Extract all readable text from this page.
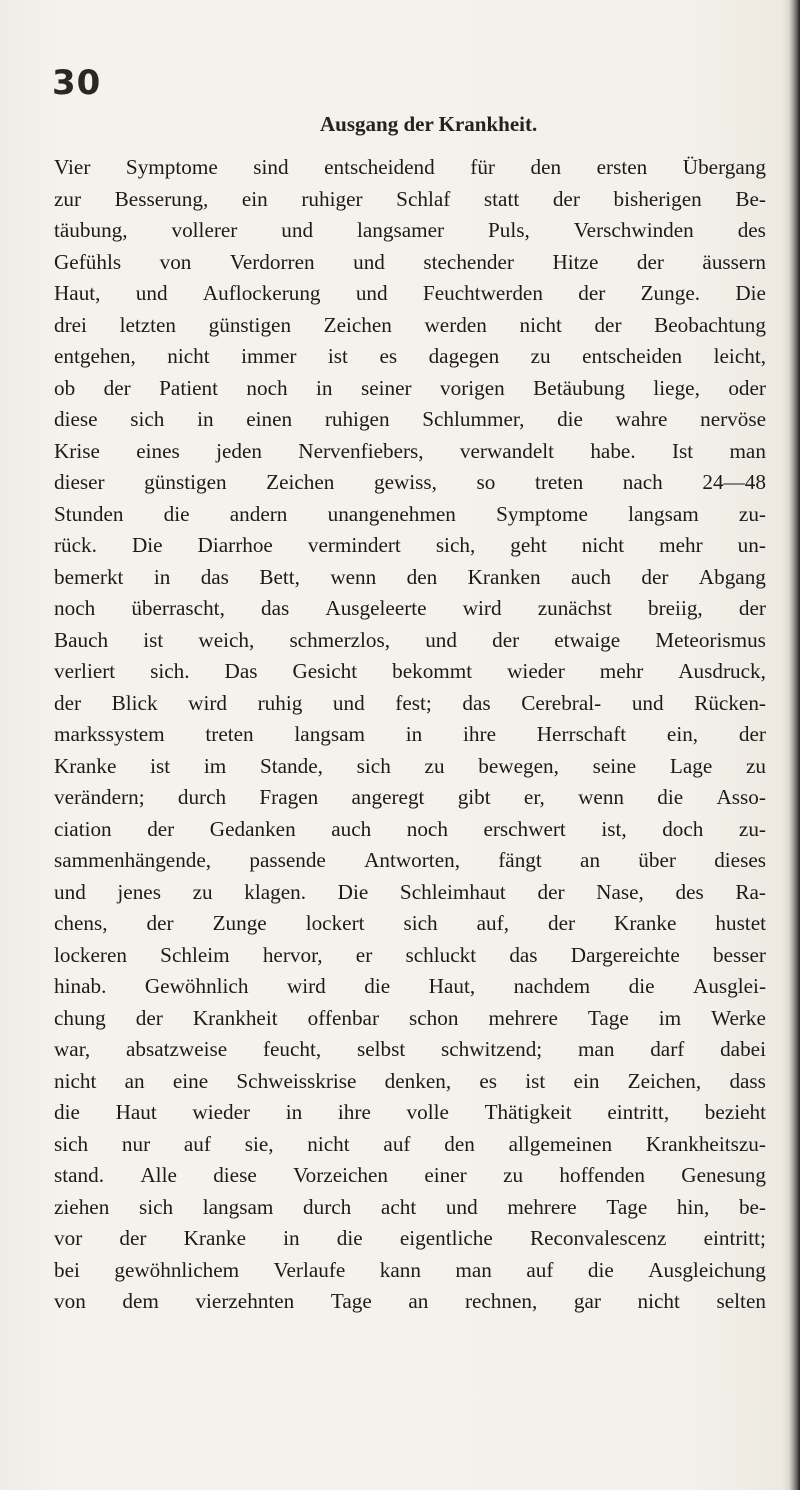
30
Ausgang der Krankheit.
Vier Symptome sind entscheidend für den ersten Übergang
zur Besserung, ein ruhiger Schlaf statt der bisherigen Be-
täubung, vollerer und langsamer Puls, Verschwinden des
Gefühls von Verdorren und stechender Hitze der äussern
Haut, und Auflockerung und Feuchtwerden der Zunge. Die
drei letzten günstigen Zeichen werden nicht der Beobachtung
entgehen, nicht immer ist es dagegen zu entscheiden leicht,
ob der Patient noch in seiner vorigen Betäubung liege, oder
diese sich in einen ruhigen Schlummer, die wahre nervöse
Krise eines jeden Nervenfiebers, verwandelt habe. Ist man
dieser günstigen Zeichen gewiss, so treten nach 24—48
Stunden die andern unangenehmen Symptome langsam zu-
rück. Die Diarrhoe vermindert sich, geht nicht mehr un-
bemerkt in das Bett, wenn den Kranken auch der Abgang
noch überrascht, das Ausgeleerte wird zunächst breiig, der
Bauch ist weich, schmerzlos, und der etwaige Meteorismus
verliert sich. Das Gesicht bekommt wieder mehr Ausdruck,
der Blick wird ruhig und fest; das Cerebral- und Rücken-
markssystem treten langsam in ihre Herrschaft ein, der
Kranke ist im Stande, sich zu bewegen, seine Lage zu
verändern; durch Fragen angeregt gibt er, wenn die Asso-
ciation der Gedanken auch noch erschwert ist, doch zu-
sammenhängende, passende Antworten, fängt an über dieses
und jenes zu klagen. Die Schleimhaut der Nase, des Ra-
chens, der Zunge lockert sich auf, der Kranke hustet
lockeren Schleim hervor, er schluckt das Dargereichte besser
hinab. Gewöhnlich wird die Haut, nachdem die Ausglei-
chung der Krankheit offenbar schon mehrere Tage im Werke
war, absatzweise feucht, selbst schwitzend; man darf dabei
nicht an eine Schweisskrise denken, es ist ein Zeichen, dass
die Haut wieder in ihre volle Thätigkeit eintritt, bezieht
sich nur auf sie, nicht auf den allgemeinen Krankheitszu-
stand. Alle diese Vorzeichen einer zu hoffenden Genesung
ziehen sich langsam durch acht und mehrere Tage hin, be-
vor der Kranke in die eigentliche Reconvalescenz eintritt;
bei gewöhnlichem Verlaufe kann man auf die Ausgleichung
von dem vierzehnten Tage an rechnen, gar nicht selten
